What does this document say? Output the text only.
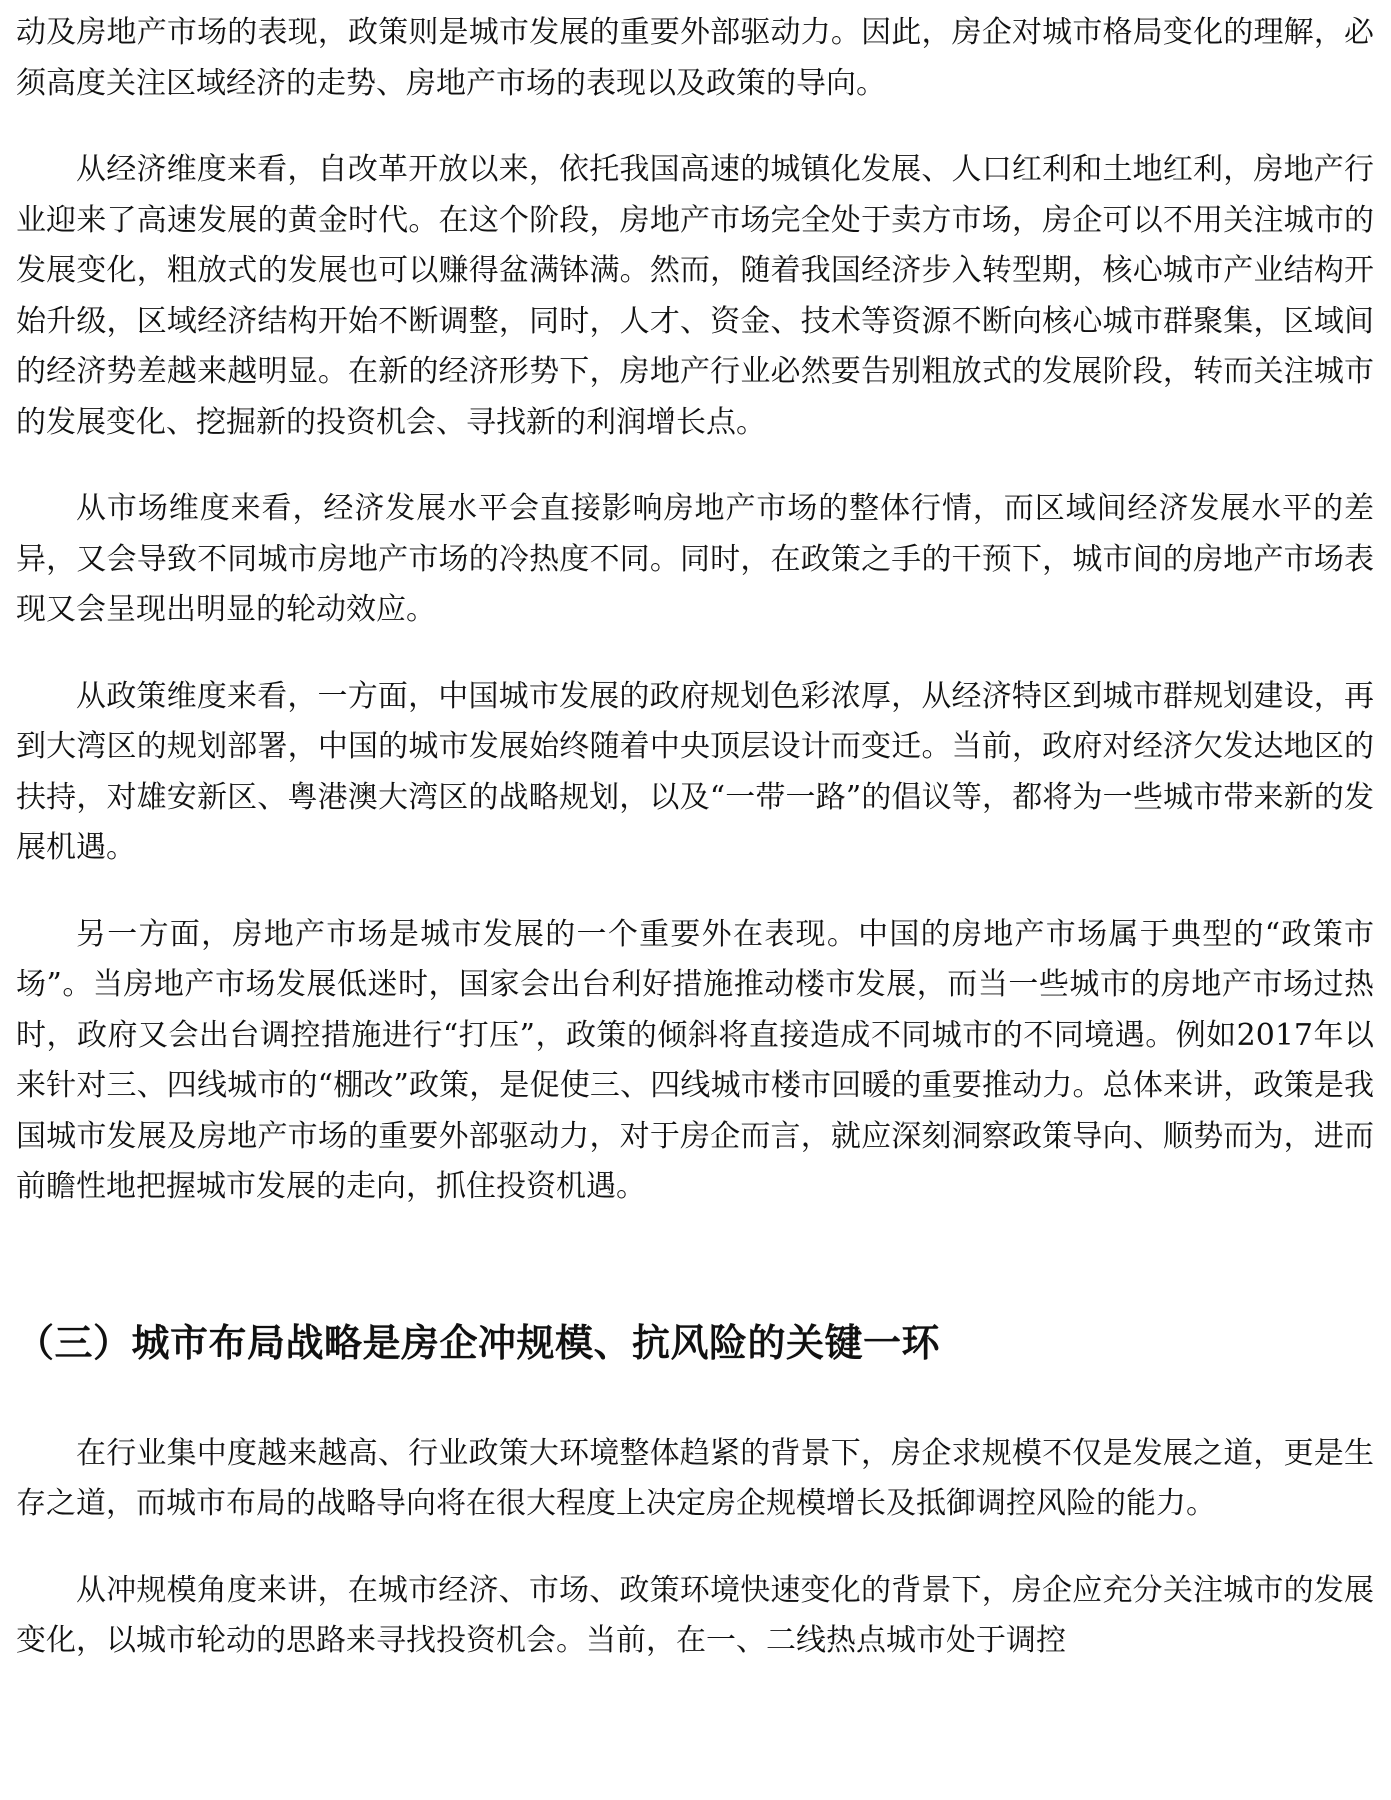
动及房地产市场的表现，政策则是城市发展的重要外部驱动力。因此，房企对城市格局变化的理解，必须高度关注区域经济的走势、房地产市场的表现以及政策的导向。

从经济维度来看，自改革开放以来，依托我国高速的城镇化发展、人口红利和土地红利，房地产行业迎来了高速发展的黄金时代。在这个阶段，房地产市场完全处于卖方市场，房企可以不用关注城市的发展变化，粗放式的发展也可以赚得盆满钵满。然而，随着我国经济步入转型期，核心城市产业结构开始升级，区域经济结构开始不断调整，同时，人才、资金、技术等资源不断向核心城市群聚集，区域间的经济势差越来越明显。在新的经济形势下，房地产行业必然要告别粗放式的发展阶段，转而关注城市的发展变化、挖掘新的投资机会、寻找新的利润增长点。

从市场维度来看，经济发展水平会直接影响房地产市场的整体行情，而区域间经济发展水平的差异，又会导致不同城市房地产市场的冷热度不同。同时，在政策之手的干预下，城市间的房地产市场表现又会呈现出明显的轮动效应。

从政策维度来看，一方面，中国城市发展的政府规划色彩浓厚，从经济特区到城市群规划建设，再到大湾区的规划部署，中国的城市发展始终随着中央顶层设计而变迁。当前，政府对经济欠发达地区的扶持，对雄安新区、粤港澳大湾区的战略规划，以及“一带一路”的倡议等，都将为一些城市带来新的发展机遇。

另一方面，房地产市场是城市发展的一个重要外在表现。中国的房地产市场属于典型的“政策市场”。当房地产市场发展低迷时，国家会出台利好措施推动楼市发展，而当一些城市的房地产市场过热时，政府又会出台调控措施进行“打压”，政策的倾斜将直接造成不同城市的不同境遇。例如2017年以来针对三、四线城市的“棚改”政策，是促使三、四线城市楼市回暖的重要推动力。总体来讲，政策是我国城市发展及房地产市场的重要外部驱动力，对于房企而言，就应深刻洞察政策导向、顺势而为，进而前瞻性地把握城市发展的走向，抓住投资机遇。

（三）城市布局战略是房企冲规模、抗风险的关键一环

在行业集中度越来越高、行业政策大环境整体趋紧的背景下，房企求规模不仅是发展之道，更是生存之道，而城市布局的战略导向将在很大程度上决定房企规模增长及抵御调控风险的能力。

从冲规模角度来讲，在城市经济、市场、政策环境快速变化的背景下，房企应充分关注城市的发展变化，以城市轮动的思路来寻找投资机会。当前，在一、二线热点城市处于调控
